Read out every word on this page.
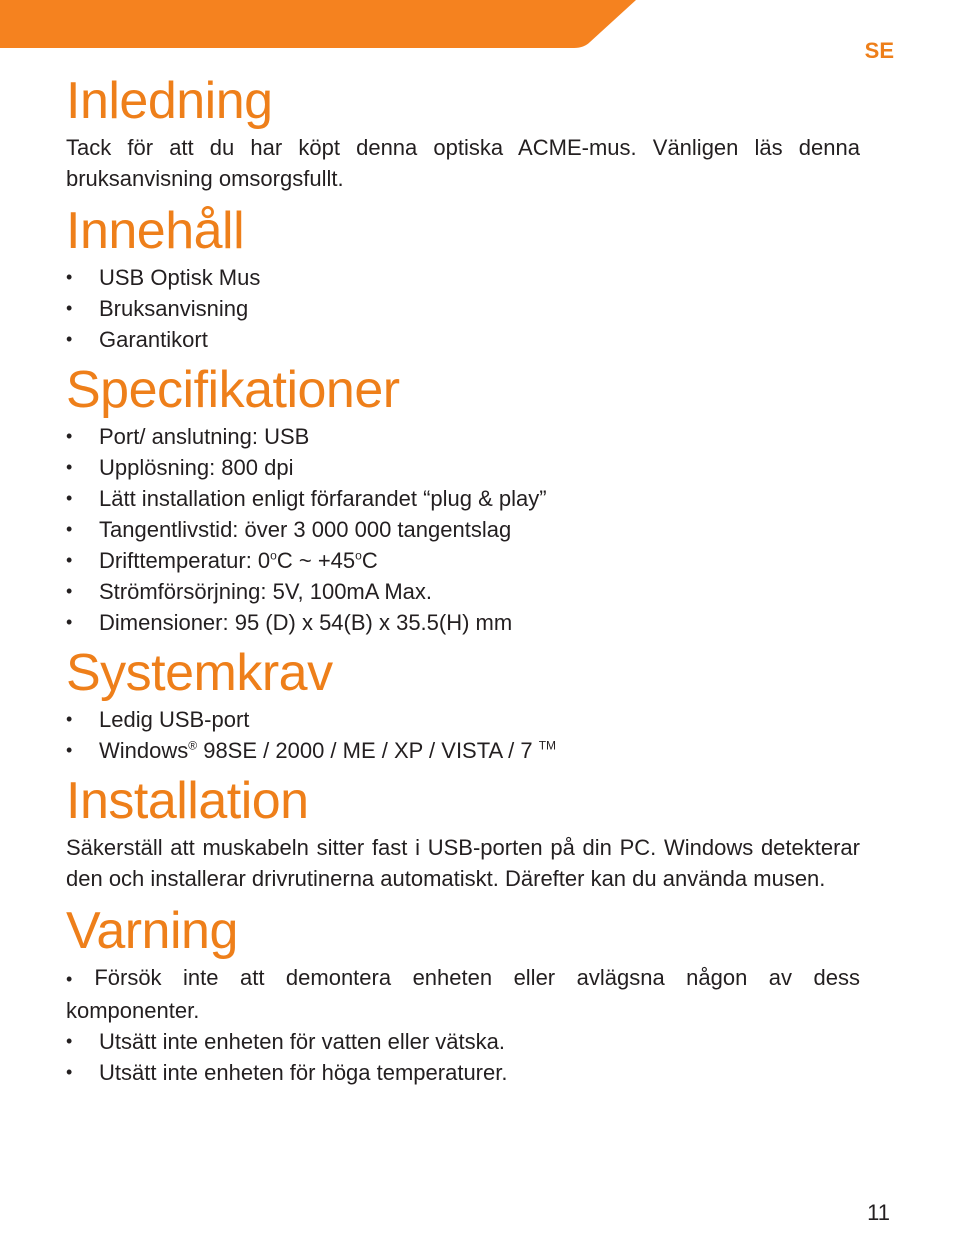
SE
Inledning

Tack för att du har köpt denna optiska ACME-mus. Vänligen läs denna bruksanvisning omsorgsfullt.

Innehåll
• USB Optisk Mus
• Bruksanvisning
• Garantikort
Specifikationer
• Port/ anslutning: USB
• Upplösning: 800 dpi
• Lätt installation enligt förfarandet “plug & play”
• Tangentlivstid: över 3 000 000 tangentslag
• Drifttemperatur: 0$^o$C ~ $+45^oC$
• Strömförsörjning: 5V, 100mA Max.
• Dimensioner: 95 (D) x 54(B) x 35.5(H) mm
Systemkrav
• Ledig USB-port
• Windows® 98SE / 2000 / ME / XP / VISTA / 7 ™
Installation

Säkerställ att muskabeln sitter fast i USB-porten på din PC. Windows detekterar den och installerar drivrutinerna automatiskt. Därefter kan du använda musen.

Varning
• Försök inte att demontera enheten eller avlägsna någon av dess komponenter.
• Utsätt inte enheten för vatten eller vätska.
• Utsätt inte enheten för höga temperaturer.
11
